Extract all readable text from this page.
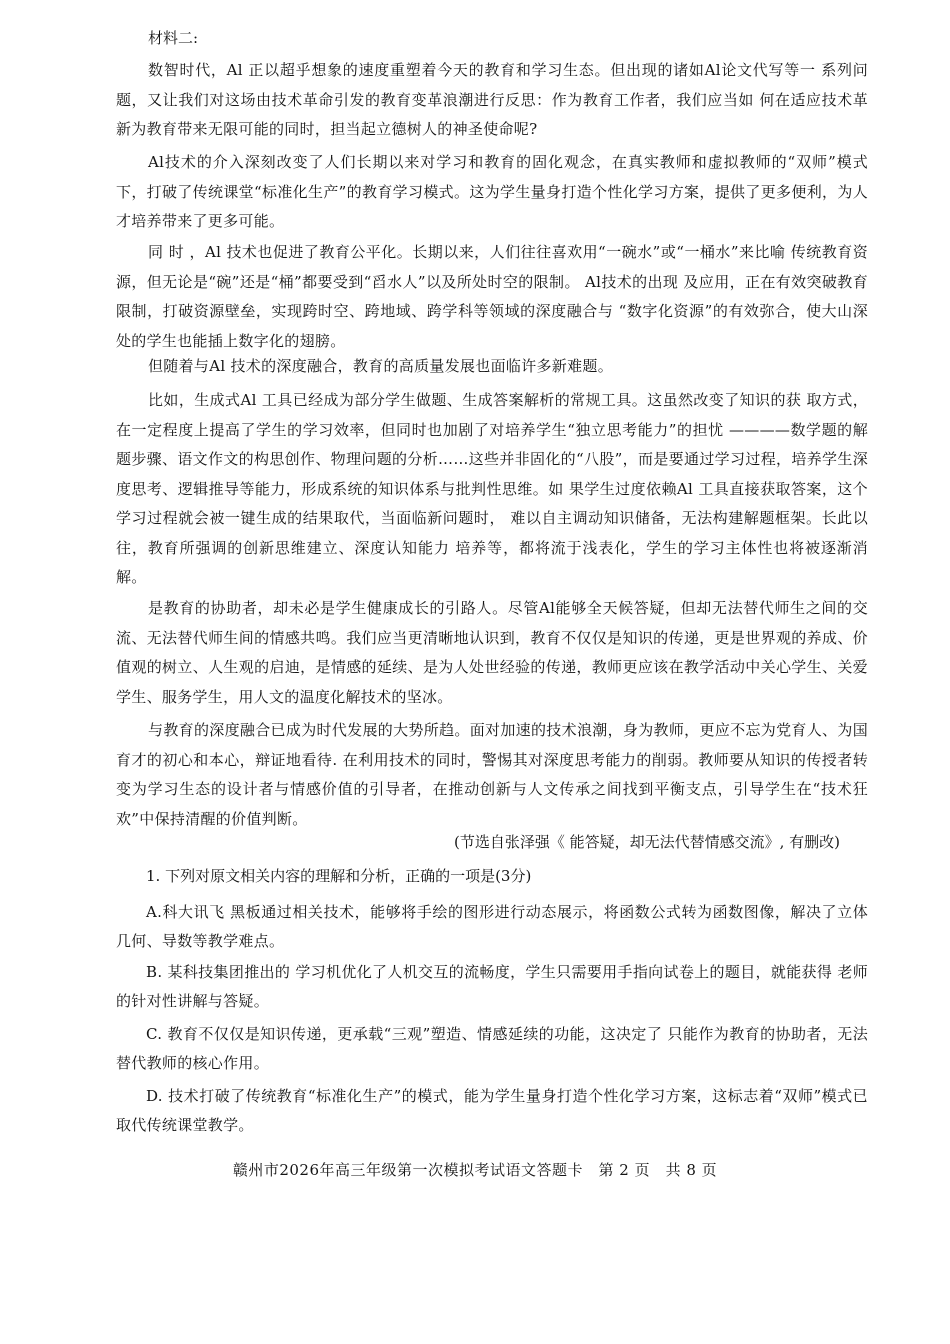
材料二:

数智时代，Al 正以超乎想象的速度重塑着今天的教育和学习生态。但出现的诸如Al论文代写等一 系列问题，又让我们对这场由技术革命引发的教育变革浪潮进行反思：作为教育工作者，我们应当如 何在适应技术革新为教育带来无限可能的同时，担当起立德树人的神圣使命呢?

Al技术的介入深刻改变了人们长期以来对学习和教育的固化观念，在真实教师和虚拟教师的“双师”模式下，打破了传统课堂“标准化生产”的教育学习模式。这为学生量身打造个性化学习方案，提供了更多便利，为人才培养带来了更多可能。

同 时 ，Al 技术也促进了教育公平化。长期以来，人们往往喜欢用“一碗水”或“一桶水”来比喻 传统教育资源，但无论是“碗”还是“桶”都要受到“舀水人”以及所处时空的限制。 Al技术的出现 及应用，正在有效突破教育限制，打破资源壁垒，实现跨时空、跨地域、跨学科等领域的深度融合与 “数字化资源”的有效弥合，使大山深处的学生也能插上数字化的翅膀。

但随着与Al 技术的深度融合，教育的高质量发展也面临许多新难题。

比如，生成式Al 工具已经成为部分学生做题、生成答案解析的常规工具。这虽然改变了知识的获 取方式，在一定程度上提高了学生的学习效率，但同时也加剧了对培养学生“独立思考能力”的担忧 ————数学题的解题步骤、语文作文的构思创作、物理问题的分析……这些并非固化的“八股”，而是要通过学习过程，培养学生深度思考、逻辑推导等能力，形成系统的知识体系与批判性思维。如 果学生过度依赖Al 工具直接获取答案，这个学习过程就会被一键生成的结果取代，当面临新问题时， 难以自主调动知识储备，无法构建解题框架。长此以往，教育所强调的创新思维建立、深度认知能力 培养等，都将流于浅表化，学生的学习主体性也将被逐渐消解。

是教育的协助者，却未必是学生健康成长的引路人。尽管Al能够全天候答疑，但却无法替代师生之间的交流、无法替代师生间的情感共鸣。我们应当更清晰地认识到，教育不仅仅是知识的传递，更是世界观的养成、价值观的树立、人生观的启迪，是情感的延续、是为人处世经验的传递，教师更应该在教学活动中关心学生、关爱学生、服务学生，用人文的温度化解技术的坚冰。

与教育的深度融合已成为时代发展的大势所趋。面对加速的技术浪潮，身为教师，更应不忘为党育人、为国育才的初心和本心，辩证地看待. 在利用技术的同时，警惕其对深度思考能力的削弱。教师要从知识的传授者转变为学习生态的设计者与情感价值的引导者，在推动创新与人文传承之间找到平衡支点，引导学生在“技术狂欢”中保持清醒的价值判断。

(节选自张泽强《 能答疑，却无法代替情感交流》, 有删改)
1. 下列对原文相关内容的理解和分析，正确的一项是(3分)

A.科大讯飞 黑板通过相关技术，能够将手绘的图形进行动态展示，将函数公式转为函数图像，解决了立体几何、导数等教学难点。

B. 某科技集团推出的 学习机优化了人机交互的流畅度，学生只需要用手指向试卷上的题目，就能获得 老师的针对性讲解与答疑。

C. 教育不仅仅是知识传递，更承载“三观”塑造、情感延续的功能，这决定了 只能作为教育的协助者，无法替代教师的核心作用。

D. 技术打破了传统教育“标准化生产”的模式，能为学生量身打造个性化学习方案，这标志着“双师”模式已取代传统课堂教学。

赣州市2026年高三年级第一次模拟考试语文答题卡　第 2 页　共 8 页
